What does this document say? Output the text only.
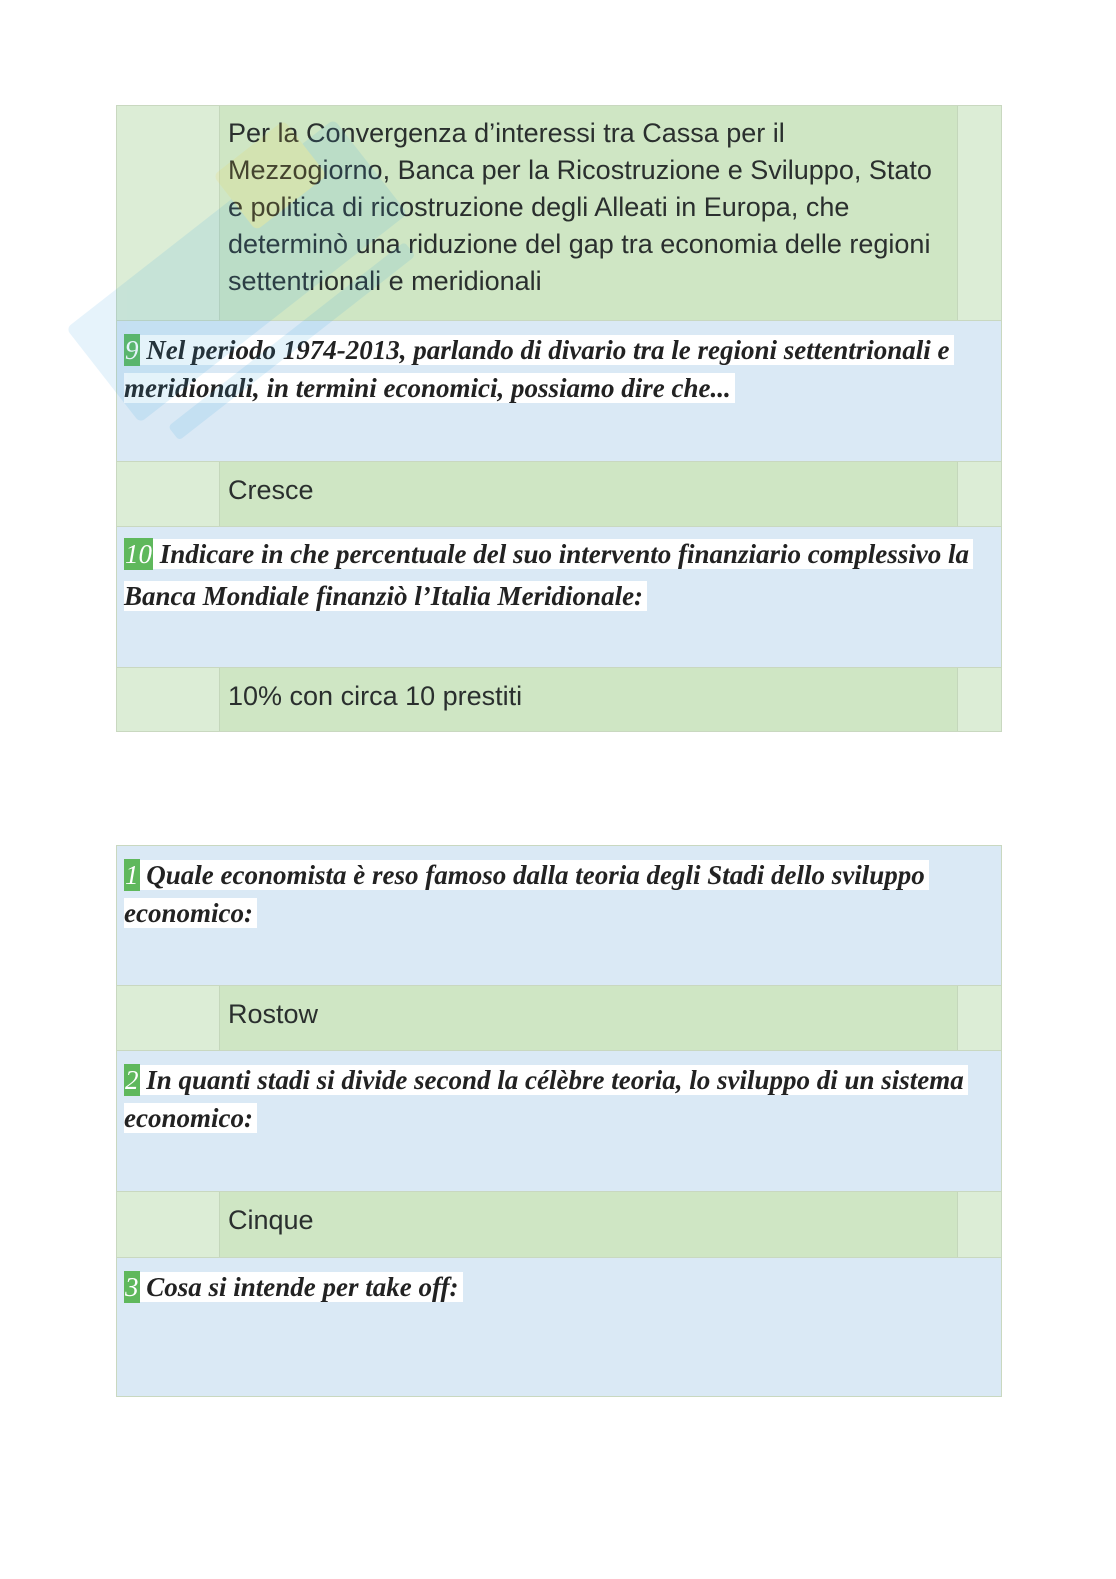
Per la Convergenza d’interessi tra Cassa per il Mezzogiorno, Banca per la Ricostruzione e Sviluppo, Stato e politica di ricostruzione degli Alleati in Europa, che determinò una riduzione del gap tra economia delle regioni settentrionali e meridionali
9 Nel periodo 1974-2013, parlando di divario tra le regioni settentrionali e meridionali, in termini economici, possiamo dire che...
Cresce
10 Indicare in che percentuale del suo intervento finanziario complessivo la Banca Mondiale finanziò l’Italia Meridionale:
10% con circa 10 prestiti
1 Quale economista è reso famoso dalla teoria degli Stadi dello sviluppo economico:
Rostow
2 In quanti stadi si divide second la célèbre teoria, lo sviluppo di un sistema economico:
Cinque
3 Cosa si intende per take off:
